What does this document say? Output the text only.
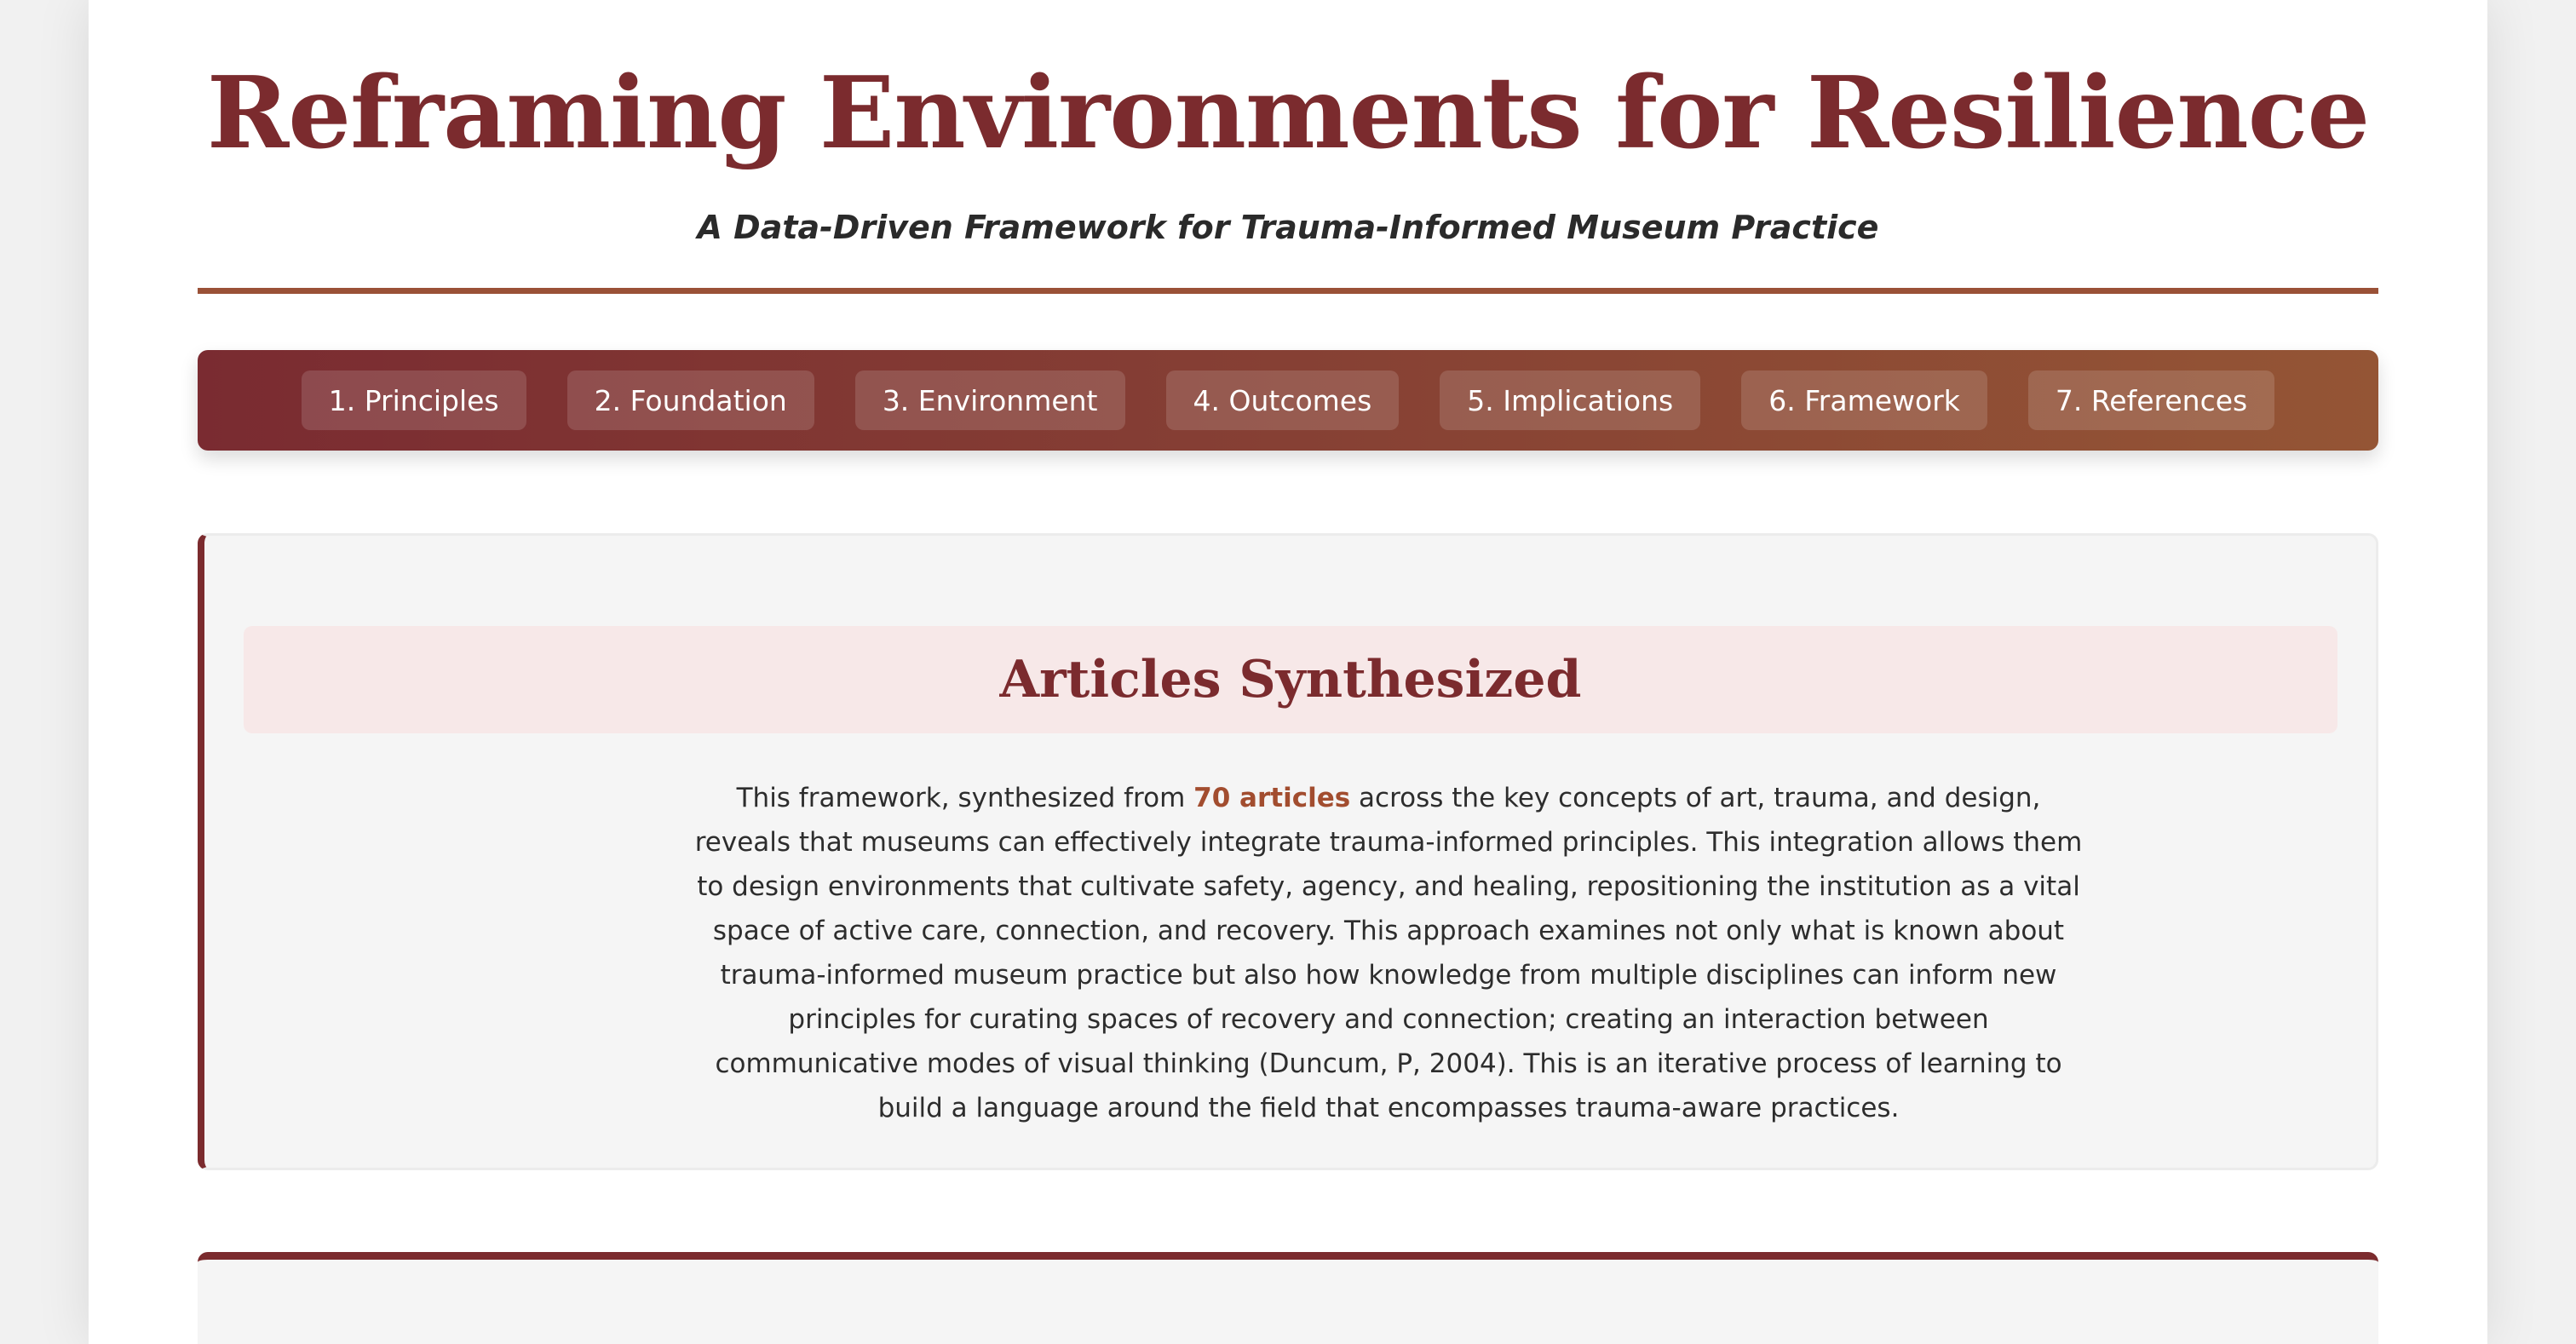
Reframing Environments for Resilience

A Data-Driven Framework for Trauma-Informed Museum Practice

1. Principles	2. Foundation	3. Environment	4. Outcomes	5. Implications	6. Framework	7. References
Articles Synthesized

This framework, synthesized from 70 articles across the key concepts of art, trauma, and design, reveals that museums can effectively integrate trauma-informed principles. This integration allows them to design environments that cultivate safety, agency, and healing, repositioning the institution as a vital space of active care, connection, and recovery. This approach examines not only what is known about trauma-informed museum practice but also how knowledge from multiple disciplines can inform new principles for curating spaces of recovery and connection; creating an interaction between communicative modes of visual thinking (Duncum, P, 2004). This is an iterative process of learning to build a language around the field that encompasses trauma-aware practices.
